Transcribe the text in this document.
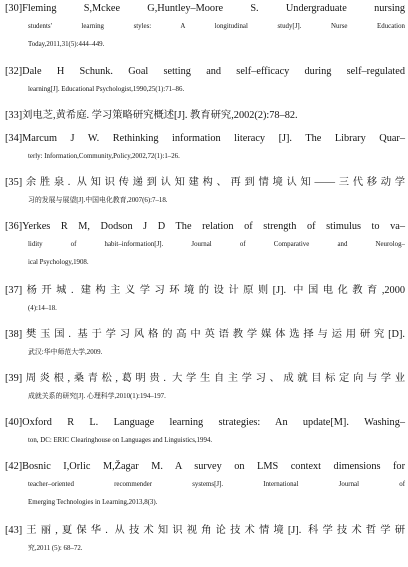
[30]Fleming S,Mckee G,Huntley–Moore S. Undergraduate nursing
students' learning styles: A longitudinal study[J]. Nurse Education
Today,2011,31(5):444–449.
[32]Dale H Schunk. Goal setting and self–efficacy during self–regulated
learning[J]. Educational Psychologist,1990,25(1):71–86.
[33]刘电芝,黄希庭. 学习策略研究概述[J]. 教育研究,2002(2):78–82.
[34]Marcum J W. Rethinking information literacy [J]. The Library Quar–
terly: Information,Community,Policy,2002,72(1):1–26.
[35]余胜泉. 从知识传递到认知建构、再到情境认知——三代移动学
习的发展与展望[J].中国电化教育,2007(6):7–18.
[36]Yerkes R M, Dodson J D The relation of strength of stimulus to va–
lidity of habit–information[J]. Journal of Comparative and Neurolog–
ical Psychology,1908.
[37]杨开城. 建构主义学习环境的设计原则[J]. 中国电化教育,2000
(4):14–18.
[38]樊玉国. 基于学习风格的高中英语教学媒体选择与运用研究[D].
武汉:华中师范大学,2009.
[39]周炎根,桑青松,葛明贵. 大学生自主学习、成就目标定向与学业
成就关系的研究[J]. 心理科学,2010(1):194–197.
[40]Oxford R L. Language learning strategies: An update[M]. Washing–
ton, DC: ERIC Clearinghouse on Languages and Linguistics,1994.
[42]Bosnic I,Orlic M,Žagar M. A survey on LMS context dimensions for
teacher–oriented recommender systems[J]. International Journal of
Emerging Technologies in Learning,2013,8(3).
[43]王丽,夏保华. 从技术知识视角论技术情境[J]. 科学技术哲学研
究,2011 (5): 68–72.
